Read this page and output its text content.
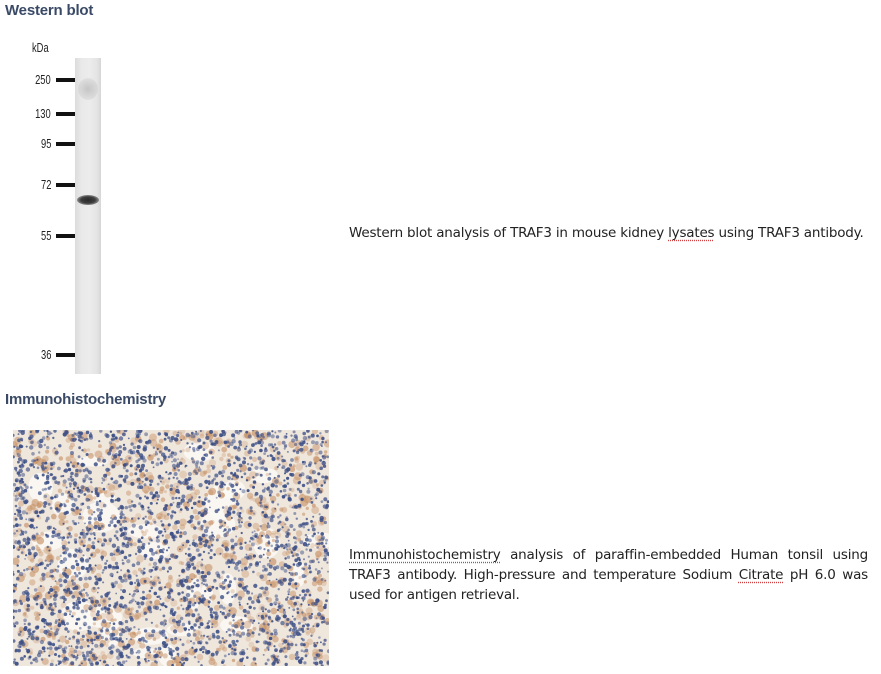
Western blot
kDa
250
130
95
72
55
36

Western blot analysis of TRAF3 in mouse kidney lysates using TRAF3 antibody.

Immunohistochemistry

Immunohistochemistry analysis of paraffin-embedded Human tonsil using TRAF3 antibody. High-pressure and temperature Sodium Citrate pH 6.0 was used for antigen retrieval.
